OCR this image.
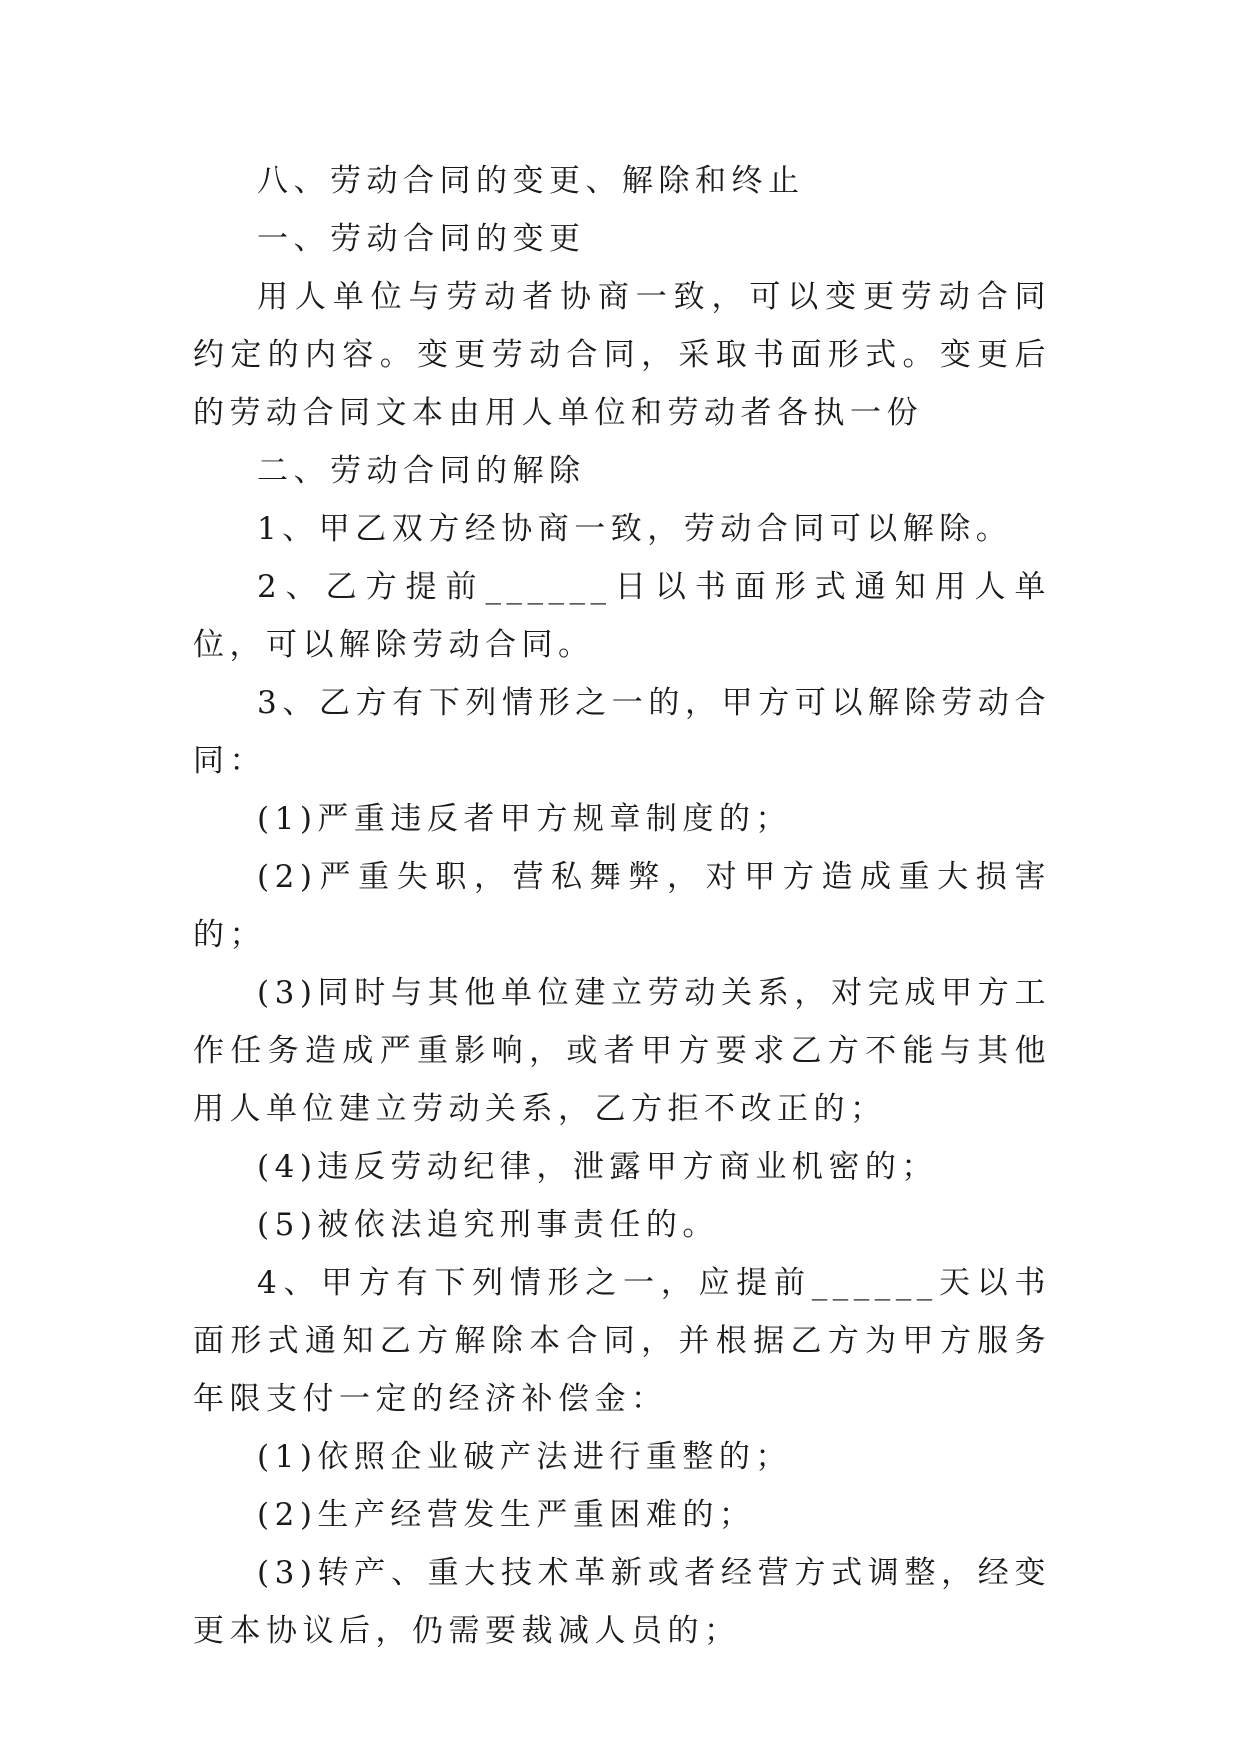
八、劳动合同的变更、解除和终止

一、劳动合同的变更

用人单位与劳动者协商一致，可以变更劳动合同约定的内容。变更劳动合同，采取书面形式。变更后的劳动合同文本由用人单位和劳动者各执一份

二、劳动合同的解除

1、甲乙双方经协商一致，劳动合同可以解除。

2、乙方提前______日以书面形式通知用人单位，可以解除劳动合同。

3、乙方有下列情形之一的，甲方可以解除劳动合同：

(1)严重违反者甲方规章制度的；

(2)严重失职，营私舞弊，对甲方造成重大损害的；

(3)同时与其他单位建立劳动关系，对完成甲方工作任务造成严重影响，或者甲方要求乙方不能与其他用人单位建立劳动关系，乙方拒不改正的；

(4)违反劳动纪律，泄露甲方商业机密的；

(5)被依法追究刑事责任的。

4、甲方有下列情形之一，应提前______天以书面形式通知乙方解除本合同，并根据乙方为甲方服务年限支付一定的经济补偿金：

(1)依照企业破产法进行重整的；

(2)生产经营发生严重困难的；

(3)转产、重大技术革新或者经营方式调整，经变更本协议后，仍需要裁减人员的；
